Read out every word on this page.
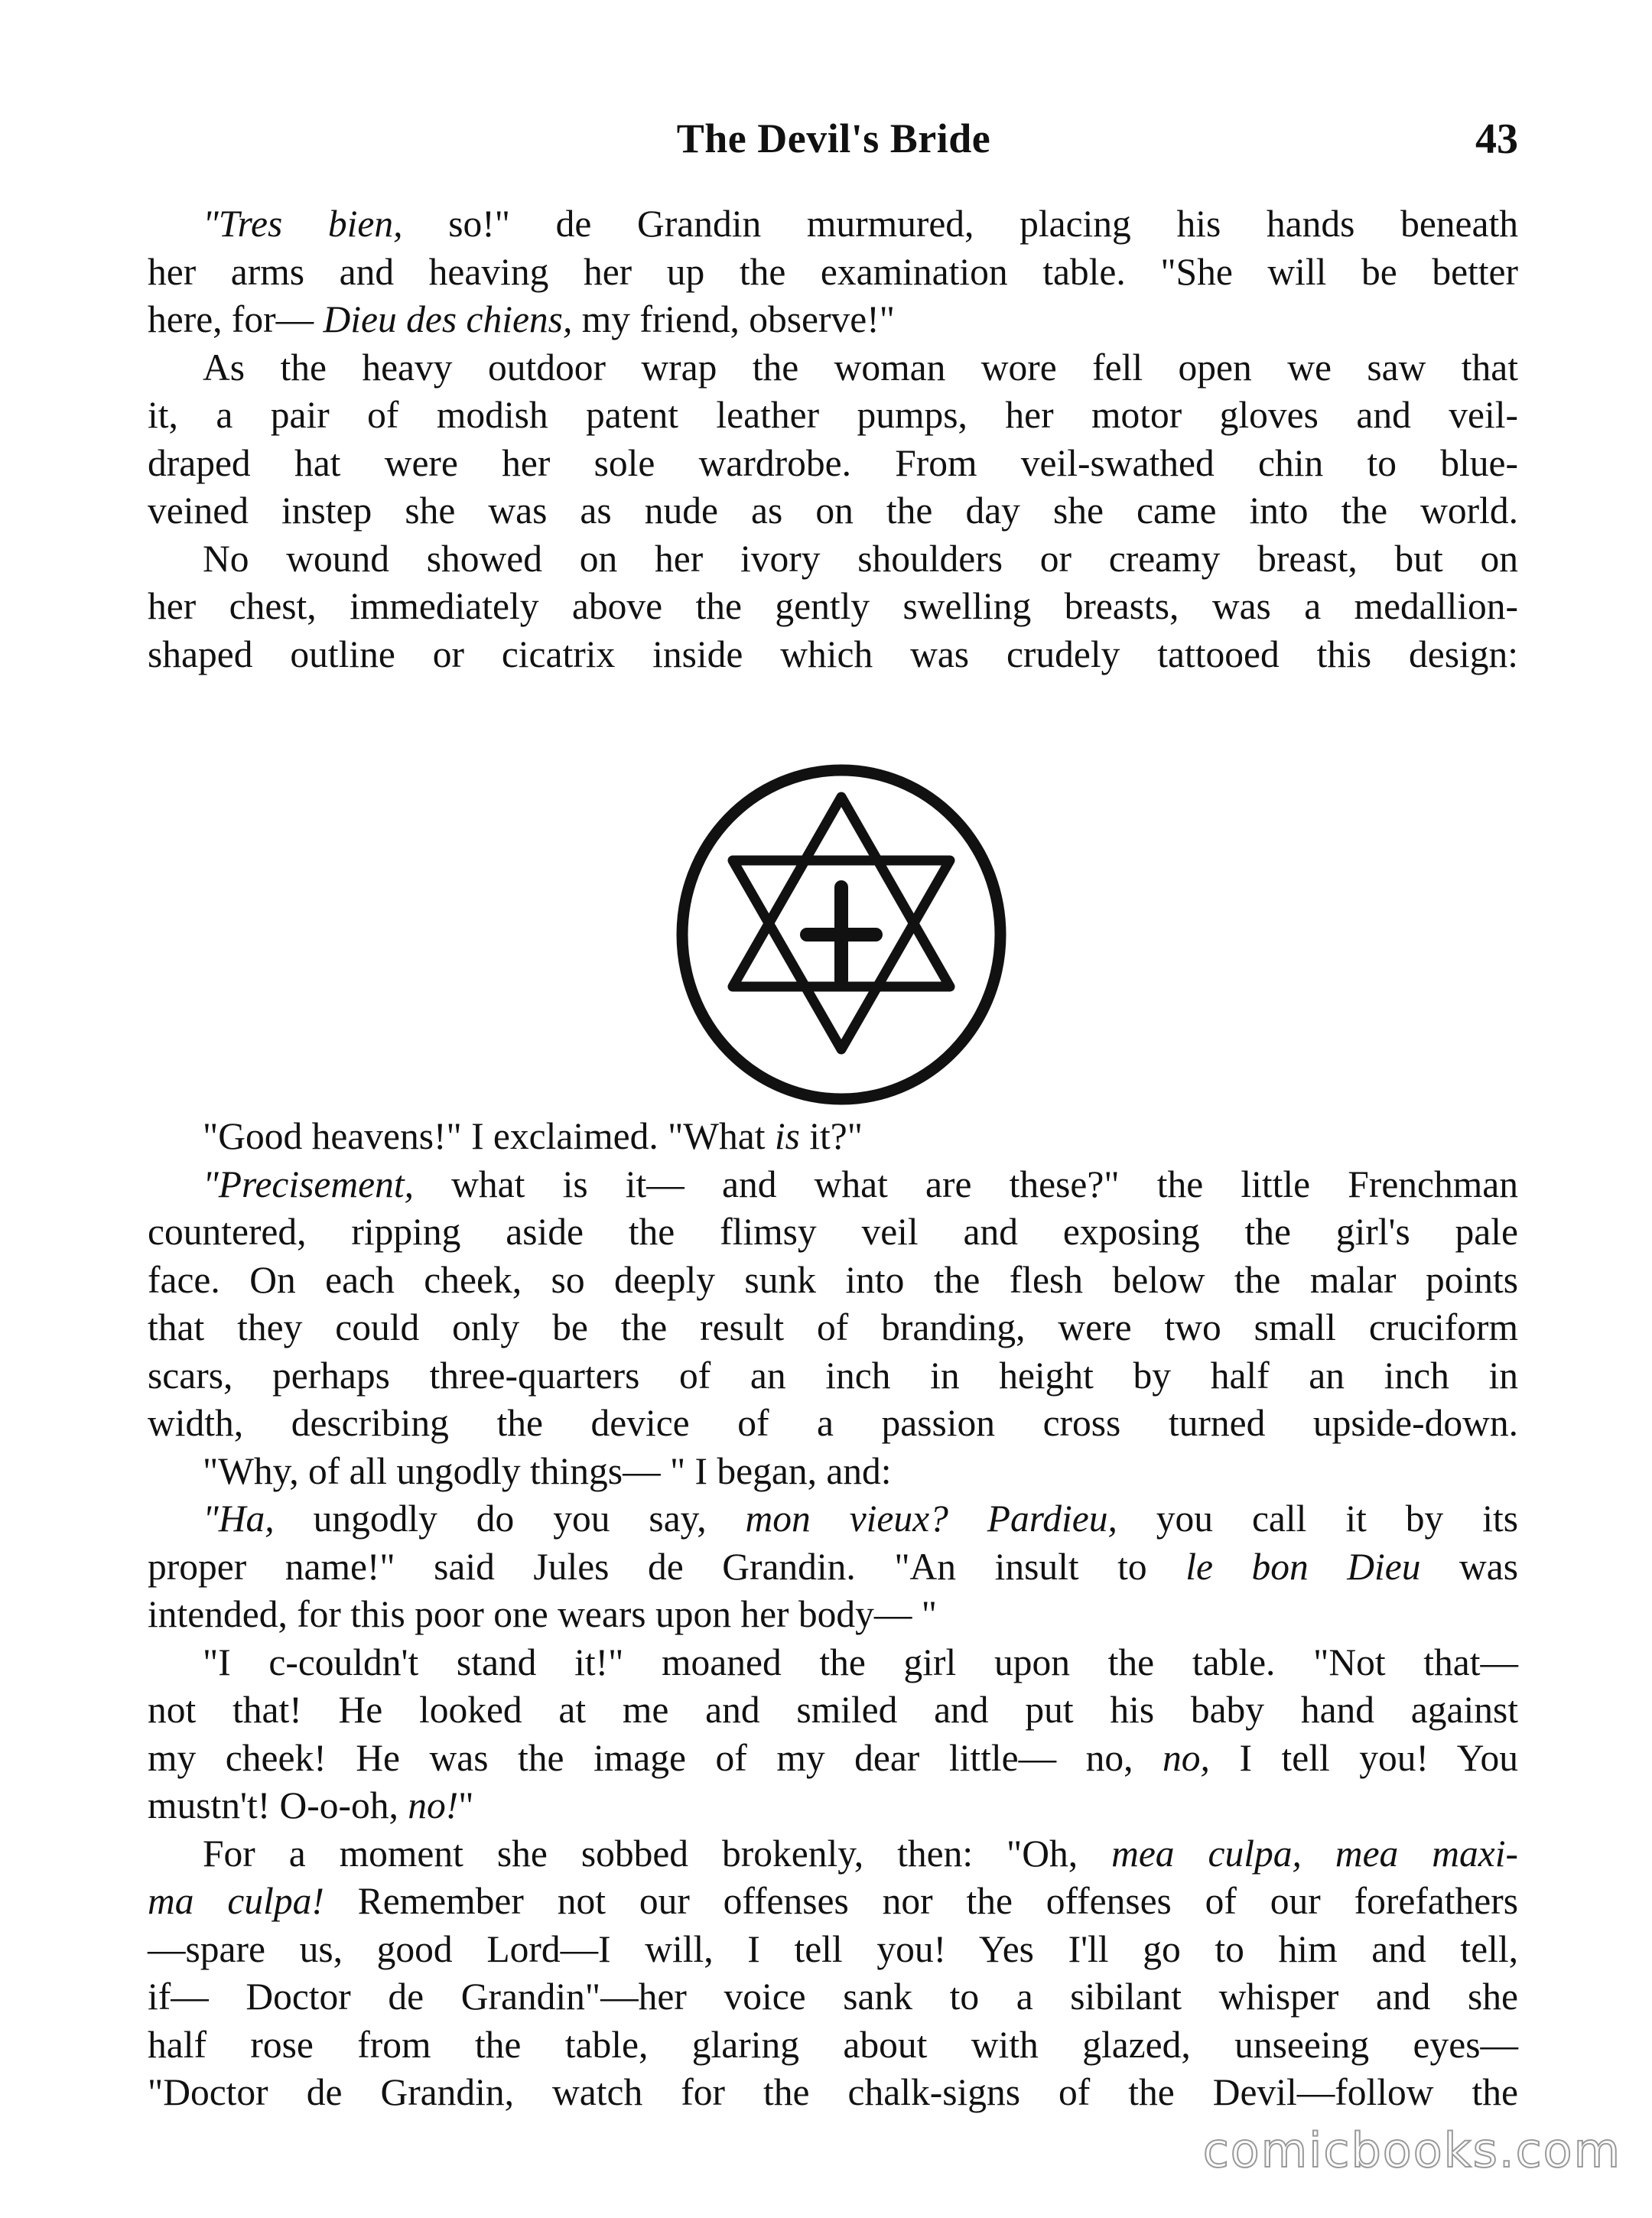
The Devil's Bride	43
"Tres bien, so!" de Grandin murmured, placing his hands beneath
her arms and heaving her up the examination table. "She will be better
here, for— Dieu des chiens, my friend, observe!"
As the heavy outdoor wrap the woman wore fell open we saw that
it, a pair of modish patent leather pumps, her motor gloves and veil-
draped hat were her sole wardrobe. From veil-swathed chin to blue-
veined instep she was as nude as on the day she came into the world.
No wound showed on her ivory shoulders or creamy breast, but on
her chest, immediately above the gently swelling breasts, was a medallion-
shaped outline or cicatrix inside which was crudely tattooed this design:
"Good heavens!" I exclaimed. "What is it?"
"Precisement, what is it— and what are these?" the little Frenchman
countered, ripping aside the flimsy veil and exposing the girl's pale
face. On each cheek, so deeply sunk into the flesh below the malar points
that they could only be the result of branding, were two small cruciform
scars, perhaps three-quarters of an inch in height by half an inch in
width, describing the device of a passion cross turned upside-down.
"Why, of all ungodly things— " I began, and:
"Ha, ungodly do you say, mon vieux? Pardieu, you call it by its
proper name!" said Jules de Grandin. "An insult to le bon Dieu was
intended, for this poor one wears upon her body— "
"I c-couldn't stand it!" moaned the girl upon the table. "Not that—
not that! He looked at me and smiled and put his baby hand against
my cheek! He was the image of my dear little— no, no, I tell you! You
mustn't! O-o-oh, no!"
For a moment she sobbed brokenly, then: "Oh, mea culpa, mea maxi-
ma culpa! Remember not our offenses nor the offenses of our forefathers
—spare us, good Lord—I will, I tell you! Yes I'll go to him and tell,
if— Doctor de Grandin"—her voice sank to a sibilant whisper and she
half rose from the table, glaring about with glazed, unseeing eyes—
"Doctor de Grandin, watch for the chalk-signs of the Devil—follow the
comicbooks.com
